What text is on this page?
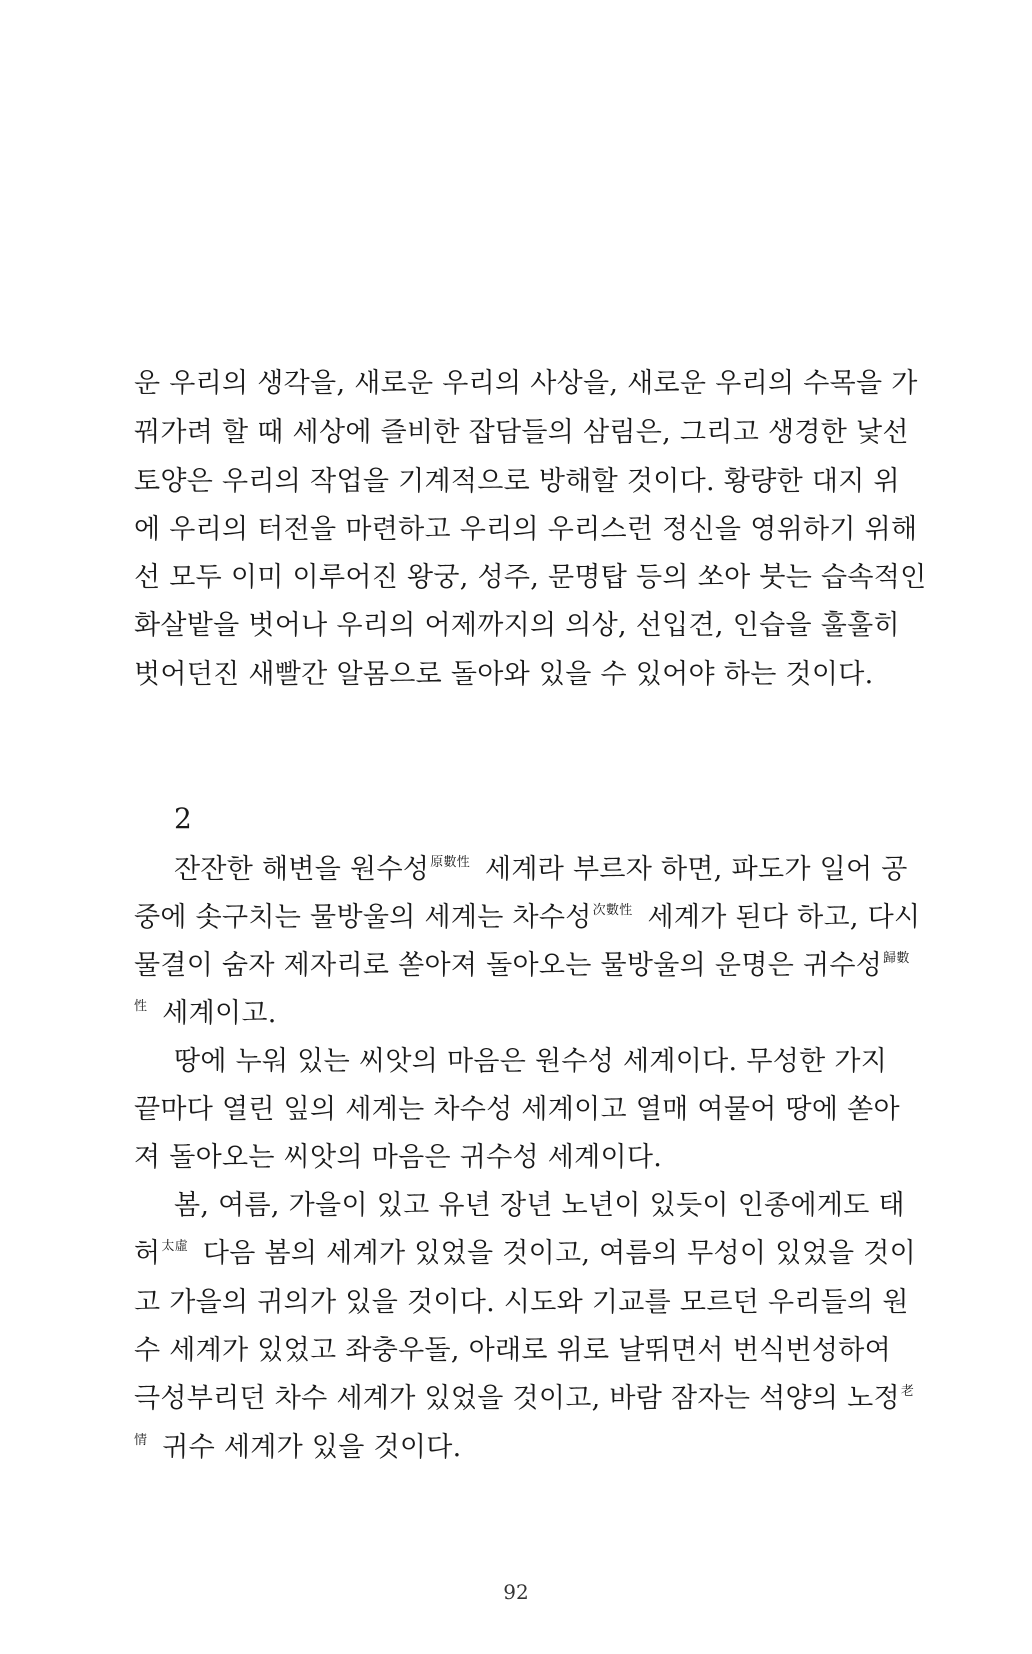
운 우리의 생각을, 새로운 우리의 사상을, 새로운 우리의 수목을 가
꿔가려 할 때 세상에 즐비한 잡담들의 삼림은, 그리고 생경한 낯선
토양은 우리의 작업을 기계적으로 방해할 것이다. 황량한 대지 위
에 우리의 터전을 마련하고 우리의 우리스런 정신을 영위하기 위해
선 모두 이미 이루어진 왕궁, 성주, 문명탑 등의 쏘아 붓는 습속적인
화살밭을 벗어나 우리의 어제까지의 의상, 선입견, 인습을 훌훌히
벗어던진 새빨간 알몸으로 돌아와 있을 수 있어야 하는 것이다.
2
잔잔한 해변을 원수성$^{原數性}$ 세계라 부르자 하면, 파도가 일어 공
중에 솟구치는 물방울의 세계는 차수성$^{次數性}$ 세계가 된다 하고, 다시
물결이 숨자 제자리로 쏟아져 돌아오는 물방울의 운명은 귀수성$^{歸數}$
$^性$ 세계이고.
땅에 누워 있는 씨앗의 마음은 원수성 세계이다. 무성한 가지
끝마다 열린 잎의 세계는 차수성 세계이고 열매 여물어 땅에 쏟아
져 돌아오는 씨앗의 마음은 귀수성 세계이다.
봄, 여름, 가을이 있고 유년 장년 노년이 있듯이 인종에게도 태
허$^{太虛}$ 다음 봄의 세계가 있었을 것이고, 여름의 무성이 있었을 것이
고 가을의 귀의가 있을 것이다. 시도와 기교를 모르던 우리들의 원
수 세계가 있었고 좌충우돌, 아래로 위로 날뛰면서 번식번성하여
극성부리던 차수 세계가 있었을 것이고, 바람 잠자는 석양의 노정$^老$
$^情$ 귀수 세계가 있을 것이다.
92
